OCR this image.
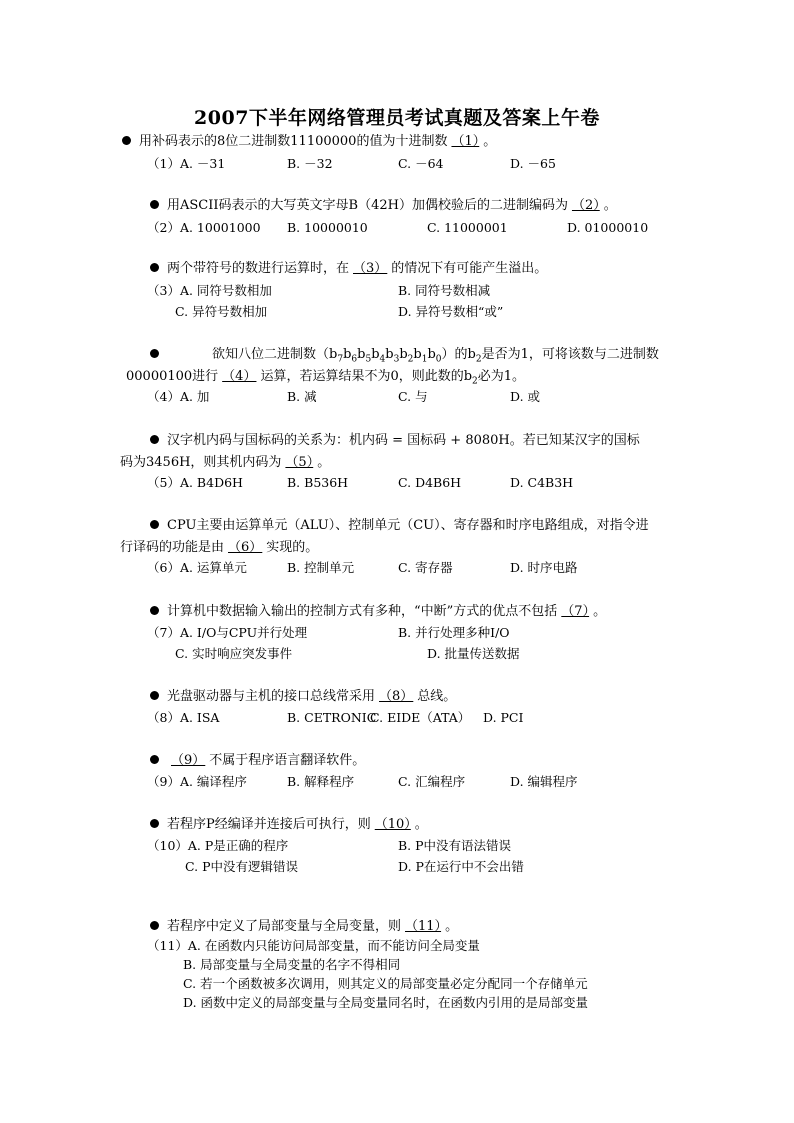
2007下半年网络管理员考试真题及答案上午卷
用补码表示的8位二进制数11100000的值为十进制数 （1） 。
（1）A. －31	B. －32	C. －64	D. －65
用ASCII码表示的大写英文字母B（42H）加偶校验后的二进制编码为 （2） 。
（2）A. 10001000 B. 10000010	C. 11000001	D. 01000010
两个带符号的数进行运算时，在 （3） 的情况下有可能产生溢出。
（3）A. 同符号数相加	B. 同符号数相减
C. 异符号数相加	D. 异符号数相“或”
欲知八位二进制数$(b_7b_6b_5b_4b_3b_2b_1b_0)$的$b_2$是否为1，可将该数与二进制数
00000100进行 （4） 运算，若运算结果不为0，则此数的$b_2$必为1。
（4）A. 加	B. 减	C. 与	D. 或
汉字机内码与国标码的关系为：机内码 = 国标码 + 8080H。若已知某汉字的国标
码为3456H，则其机内码为 （5） 。
（5）A. B4D6H	B. B536H	C. D4B6H	D. C4B3H
CPU主要由运算单元（ALU）、控制单元（CU）、寄存器和时序电路组成，对指令进
行译码的功能是由 （6） 实现的。
（6）A. 运算单元	B. 控制单元	C. 寄存器	D. 时序电路
计算机中数据输入输出的控制方式有多种，“中断”方式的优点不包括 （7） 。
（7）A. I/O与CPU并行处理	B. 并行处理多种I/O
C. 实时响应突发事件	D. 批量传送数据
光盘驱动器与主机的接口总线常采用 （8） 总线。
（8）A. ISA	B. CETRONIC
C. EIDE（ATA） D. PCI
（9） 不属于程序语言翻译软件。
（9）A. 编译程序	B. 解释程序	C. 汇编程序	D. 编辑程序
若程序P经编译并连接后可执行，则 （10） 。
（10）A. P是正确的程序	B. P中没有语法错误
C. P中没有逻辑错误	D. P在运行中不会出错
若程序中定义了局部变量与全局变量，则 （11） 。
（11）A. 在函数内只能访问局部变量，而不能访问全局变量
B. 局部变量与全局变量的名字不得相同
C. 若一个函数被多次调用，则其定义的局部变量必定分配同一个存储单元
D. 函数中定义的局部变量与全局变量同名时，在函数内引用的是局部变量
